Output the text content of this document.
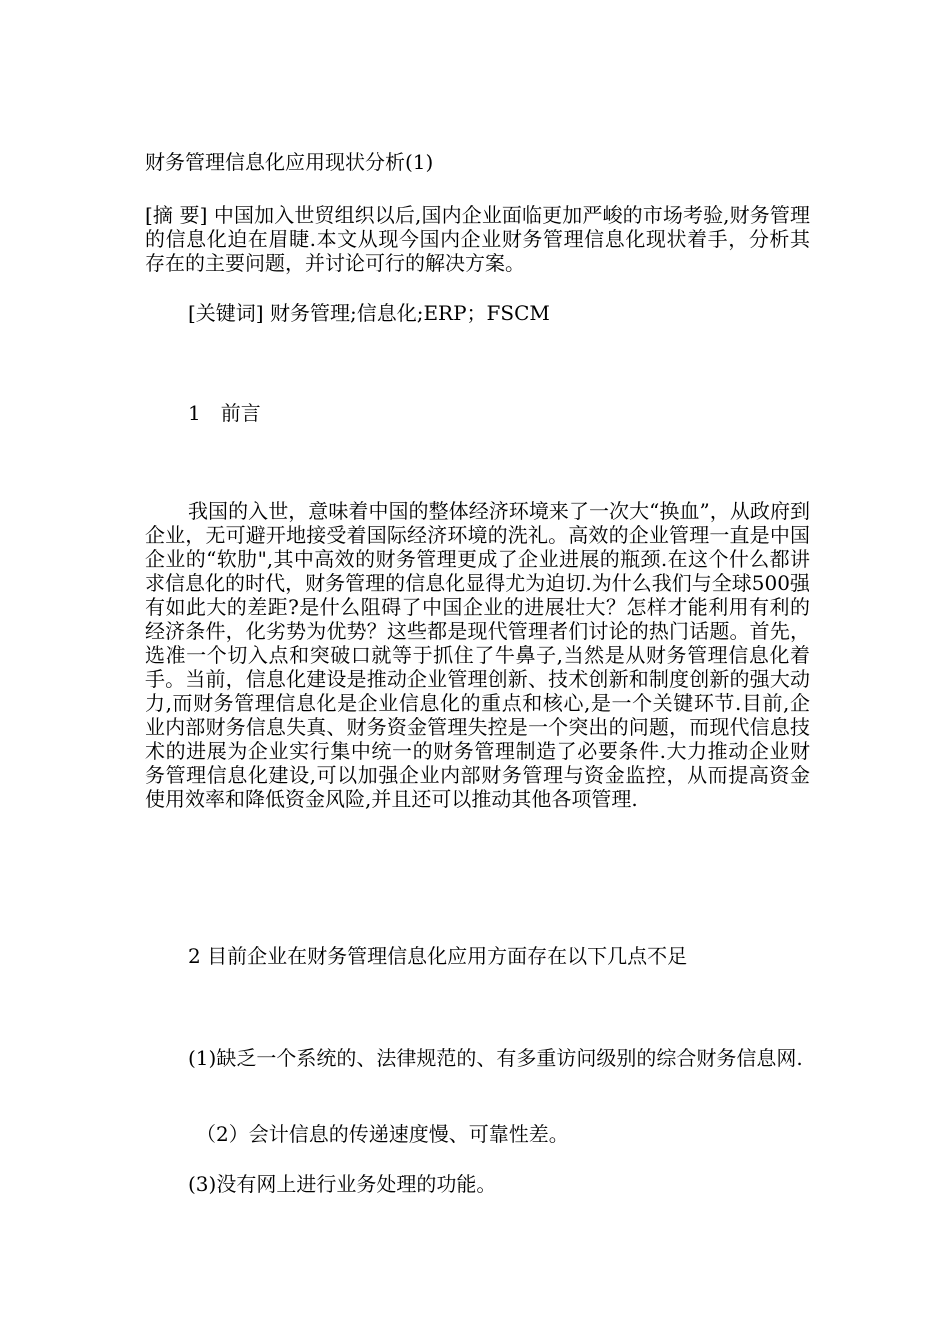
财务管理信息化应用现状分析(1)

[摘 要] 中国加入世贸组织以后,国内企业面临更加严峻的市场考验,财务管理的信息化迫在眉睫.本文从现今国内企业财务管理信息化现状着手，分析其存在的主要问题，并讨论可行的解决方案。

[关键词] 财务管理;信息化;ERP；FSCM

1　前言

我国的入世，意味着中国的整体经济环境来了一次大“换血”，从政府到企业，无可避开地接受着国际经济环境的洗礼。高效的企业管理一直是中国企业的“软肋",其中高效的财务管理更成了企业进展的瓶颈.在这个什么都讲求信息化的时代，财务管理的信息化显得尤为迫切.为什么我们与全球500强有如此大的差距?是什么阻碍了中国企业的进展壮大？怎样才能利用有利的经济条件，化劣势为优势？这些都是现代管理者们讨论的热门话题。首先，选准一个切入点和突破口就等于抓住了牛鼻子,当然是从财务管理信息化着手。当前，信息化建设是推动企业管理创新、技术创新和制度创新的强大动力,而财务管理信息化是企业信息化的重点和核心,是一个关键环节.目前,企业内部财务信息失真、财务资金管理失控是一个突出的问题，而现代信息技术的进展为企业实行集中统一的财务管理制造了必要条件.大力推动企业财务管理信息化建设,可以加强企业内部财务管理与资金监控，从而提高资金使用效率和降低资金风险,并且还可以推动其他各项管理.

2 目前企业在财务管理信息化应用方面存在以下几点不足

(1)缺乏一个系统的、法律规范的、有多重访问级别的综合财务信息网.

（2）会计信息的传递速度慢、可靠性差。

(3)没有网上进行业务处理的功能。
